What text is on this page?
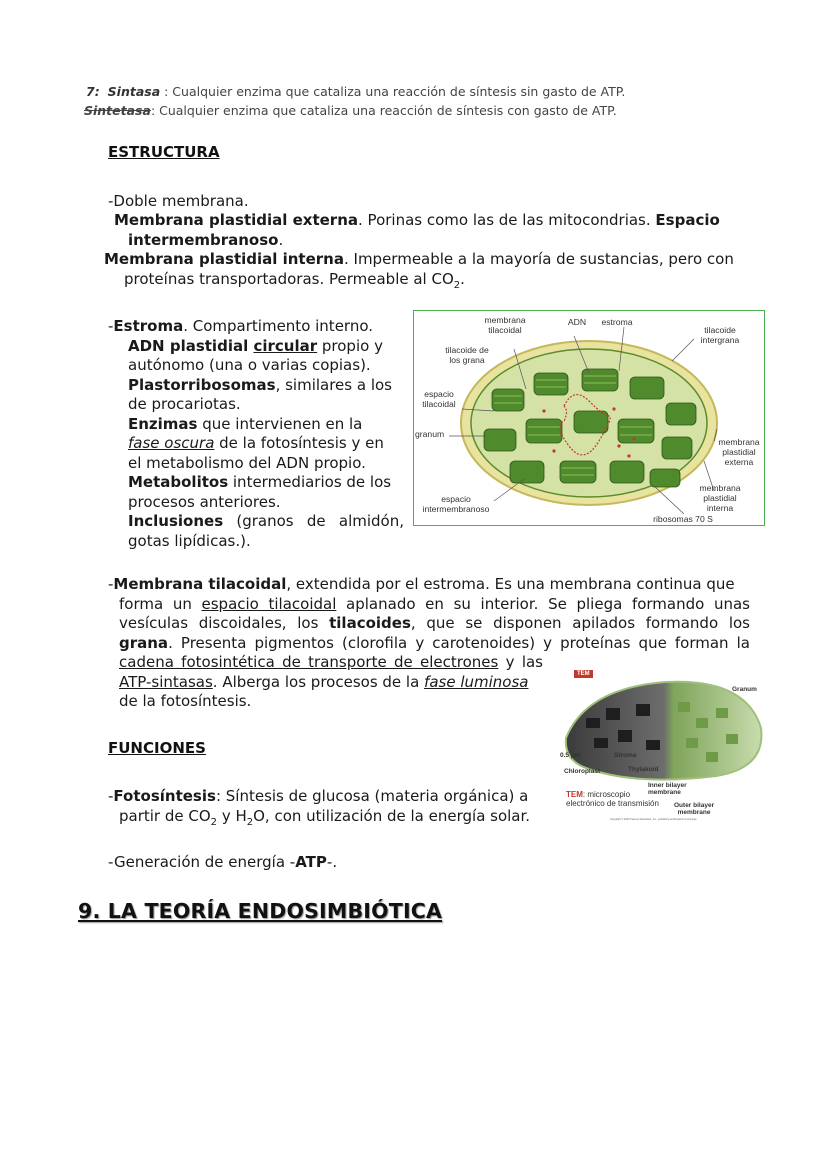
7: Sintasa : Cualquier enzima que cataliza una reacción de síntesis sin gasto de ATP.
Sintetasa: Cualquier enzima que cataliza una reacción de síntesis con gasto de ATP.
ESTRUCTURA
-Doble membrana.
Membrana plastidial externa. Porinas como las de las mitocondrias. Espacio
intermembranoso.
Membrana plastidial interna. Impermeable a la mayoría de sustancias, pero con
proteínas transportadoras. Permeable al $CO_2$.
-Estroma. Compartimento interno.
ADN plastidial circular propio y
autónomo (una o varias copias).
Plastorribosomas, similares a los
de procariotas.
Enzimas que intervienen en la
fase oscura de la fotosíntesis y en
el metabolismo del ADN propio.
Metabolitos intermediarios de los
procesos anteriores.
Inclusiones (granos de almidón,
gotas lipídicas.).
membrana
tilacoidal
ADN	estroma
tilacoide
intergrana
tilacoide de
los grana
espacio
tilacoidal
granum
membrana
plastidial
externa
membrana
plastidial
interna
espacio
intermembranoso
ribosomas 70 S
-Membrana tilacoidal, extendida por el estroma. Es una membrana continua que
forma un espacio tilacoidal aplanado en su interior. Se pliega formando unas
vesículas discoidales, los tilacoides, que se disponen apilados formando los
grana. Presenta pigmentos (clorofila y carotenoides) y proteínas que forman la
cadena fotosintética de transporte de electrones y las
ATP-sintasas. Alberga los procesos de la fase luminosa
de la fotosíntesis.
TEM
Granum
0.5 µm	Stroma
Thylakoid
Chloroplast
Inner bilayer
membrane
Outer bilayer
membrane
TEM: microscopio
electrónico de transmisión
Copyright © 2006 Pearson Education, Inc., publishing as Benjamin Cummings
FUNCIONES
-Fotosíntesis: Síntesis de glucosa (materia orgánica) a
partir de $CO_2$ y $H_2O$, con utilización de la energía solar.
-Generación de energía -ATP-.
9. LA TEORÍA ENDOSIMBIÓTICA
